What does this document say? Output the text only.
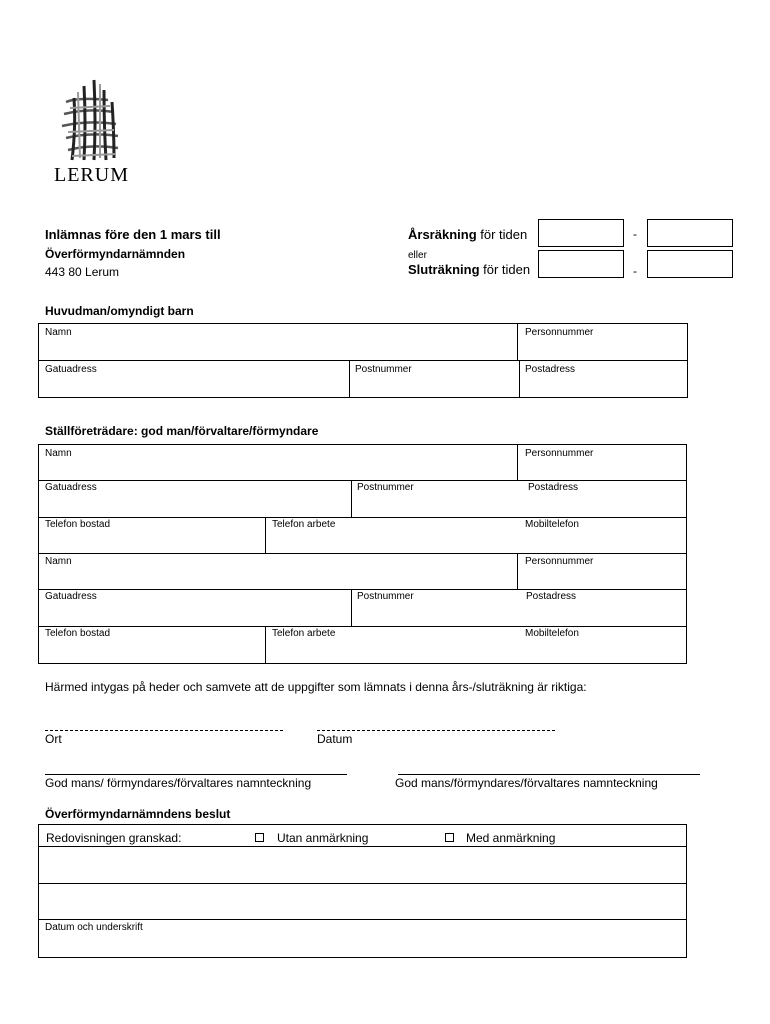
LERUM
Inlämnas före den 1 mars till
Överförmyndarnämnden
443 80 Lerum
Årsräkning för tiden	-
eller
Sluträkning för tiden	-
Huvudman/omyndigt barn
Namn	Personnummer
Gatuadress	Postnummer	Postadress
Ställföreträdare: god man/förvaltare/förmyndare
Namn	Personnummer
Gatuadress	Postnummer	Postadress
Telefon bostad	Telefon arbete	Mobiltelefon
Namn	Personnummer
Gatuadress	Postnummer	Postadress
Telefon bostad	Telefon arbete	Mobiltelefon
Härmed intygas på heder och samvete att de uppgifter som lämnats i denna års-/sluträkning är riktiga:
Ort	Datum
God mans/ förmyndares/förvaltares namnteckning	God mans/förmyndares/förvaltares namnteckning
Överförmyndarnämndens beslut
Redovisningen granskad:	Utan anmärkning	Med anmärkning
Datum och underskrift
